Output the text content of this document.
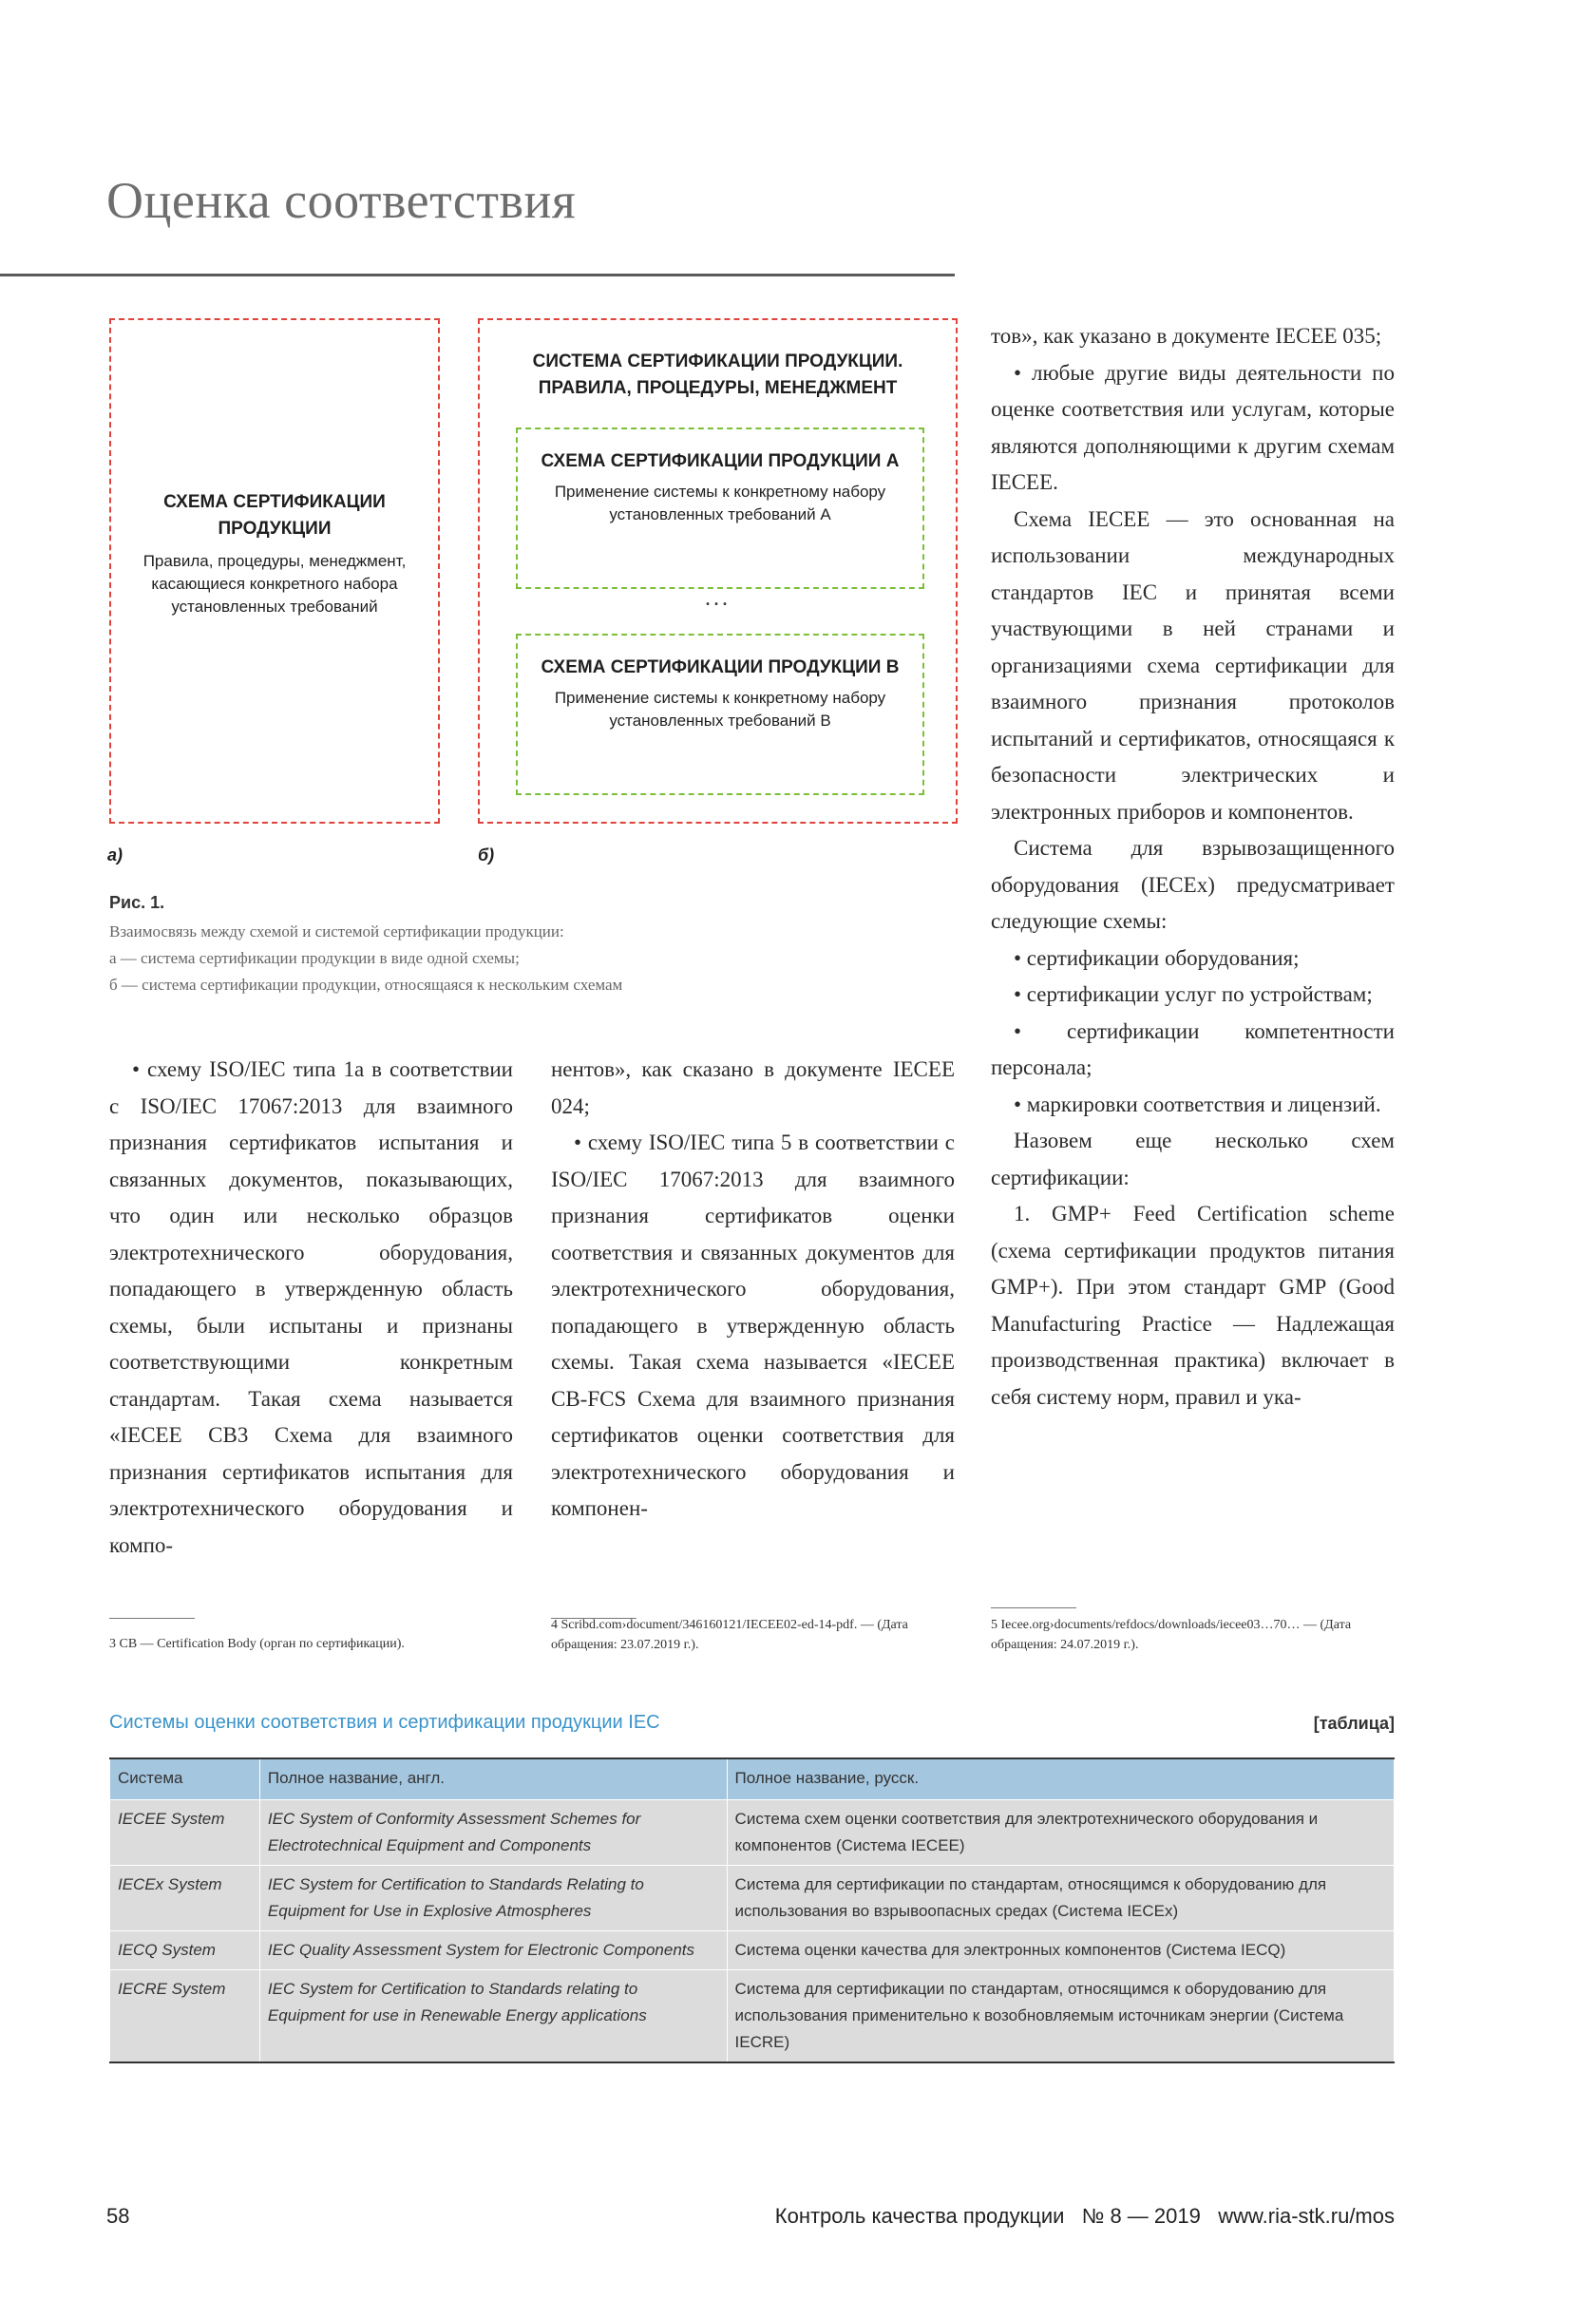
Оценка соответствия
СХЕМА СЕРТИФИКАЦИИ ПРОДУКЦИИ
Правила, процедуры, менеджмент, касающиеся конкретного набора установленных требований
СИСТЕМА СЕРТИФИКАЦИИ ПРОДУКЦИИ. ПРАВИЛА, ПРОЦЕДУРЫ, МЕНЕДЖМЕНТ
СХЕМА СЕРТИФИКАЦИИ ПРОДУКЦИИ A
Применение системы к конкретному набору установленных требований A
...
СХЕМА СЕРТИФИКАЦИИ ПРОДУКЦИИ B
Применение системы к конкретному набору установленных требований B
а)	б)
Рис. 1.
Взаимосвязь между схемой и системой сертификации продукции:
а — система сертификации продукции в виде одной схемы;
б — система сертификации продукции, относящаяся к нескольким схемам

• схему ISO/IEC типа 1а в соответствии с ISO/IEC 17067:2013 для взаимного признания сертификатов испытания и связанных документов, показывающих, что один или несколько образцов электротехнического оборудования, попадающего в утвержденную область схемы, были испытаны и признаны соответствующими конкретным стандартам. Такая схема называется «IECEE CB3 Схема для взаимного признания сертификатов испытания для электротехнического оборудования и компо-

нентов», как сказано в документе IECEE 024;

• схему ISO/IEC типа 5 в соответствии с ISO/IEC 17067:2013 для взаимного признания сертификатов оценки соответствия и связанных документов для электротехнического оборудования, попадающего в утвержденную область схемы. Такая схема называется «IECEE CB-FCS Схема для взаимного признания сертификатов оценки соответствия для электротехнического оборудования и компонен-

тов», как указано в документе IECEE 035;

• любые другие виды деятельности по оценке соответствия или услугам, которые являются дополняющими к другим схемам IECEE.

Схема IECEE — это основанная на использовании международных стандартов IEC и принятая всеми участвующими в ней странами и организациями схема сертификации для взаимного признания протоколов испытаний и сертификатов, относящаяся к безопасности электрических и электронных приборов и компонентов.

Система для взрывозащищенного оборудования (IECEx) предусматривает следующие схемы:

• сертификации оборудования;

• сертификации услуг по устройствам;

• сертификации компетентности персонала;

• маркировки соответствия и лицензий.

Назовем еще несколько схем сертификации:

1. GMP+ Feed Certification scheme (схема сертификации продуктов питания GMP+). При этом стандарт GMP (Good Manufacturing Practice — Надлежащая производственная практика) включает в себя систему норм, правил и ука-

3 CB — Certification Body (орган по сертификации).
4 Scribd.com›document/346160121/IECEE02-ed-14-pdf. — (Дата обращения: 23.07.2019 г.).
5 Iecee.org›documents/refdocs/downloads/iecee03…70… — (Дата обращения: 24.07.2019 г.).
Системы оценки соответствия и сертификации продукции IEC	[таблица]
Система	Полное название, англ.	Полное название, русск.
IECEE System	IEC System of Conformity Assessment Schemes for Electrotechnical Equipment and Components	Система схем оценки соответствия для электротехнического оборудования и компонентов (Система IECEE)
IECEx System	IEC System for Certification to Standards Relating to Equipment for Use in Explosive Atmospheres	Система для сертификации по стандартам, относящимся к оборудованию для использования во взрывоопасных средах (Система IECEx)
IECQ System	IEC Quality Assessment System for Electronic Components	Система оценки качества для электронных компонентов (Система IECQ)
IECRE System	IEC System for Certification to Standards relating to Equipment for use in Renewable Energy applications	Система для сертификации по стандартам, относящимся к оборудованию для использования применительно к возобновляемым источникам энергии (Система IECRE)
58	Контроль качества продукции   № 8 — 2019   www.ria-stk.ru/mos
